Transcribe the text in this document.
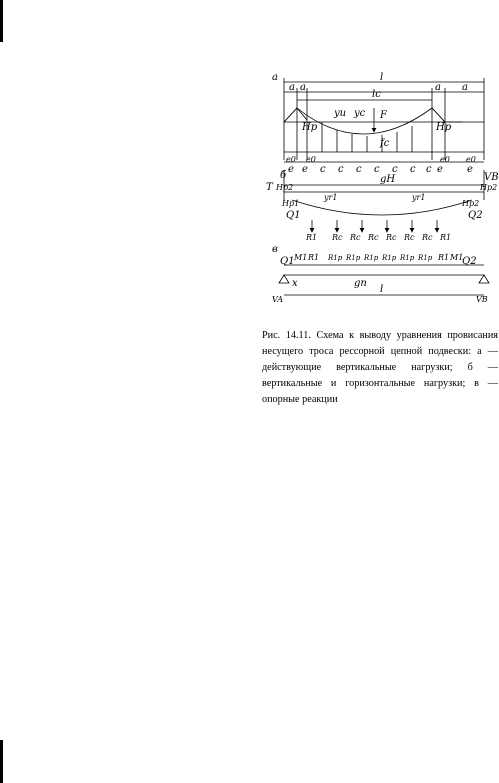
a
б
в
a a	a a
l
lc
e e	e e
c c c c c c c
e0 e0	e0 e0
yu yc F
fc
Hp	Hp
T Hp2	Hp2
gH	VB
Hp1	Hp2
yr1	yr1
Q1	Q2
R1 Rc Rc Rc Rc Rc Rc R1
Q1 M1 R1 R1p R1p R1p R1p R1p R1p R1 M1
Q2
x	gn
l
VA	VB

Рис. 14.11. Схема к выводу уравнения провисания несущего троса рессорной цепной подвески: а — действующие вертикальные нагрузки; б — вертикальные и горизонтальные нагрузки; в — опорные реакции
